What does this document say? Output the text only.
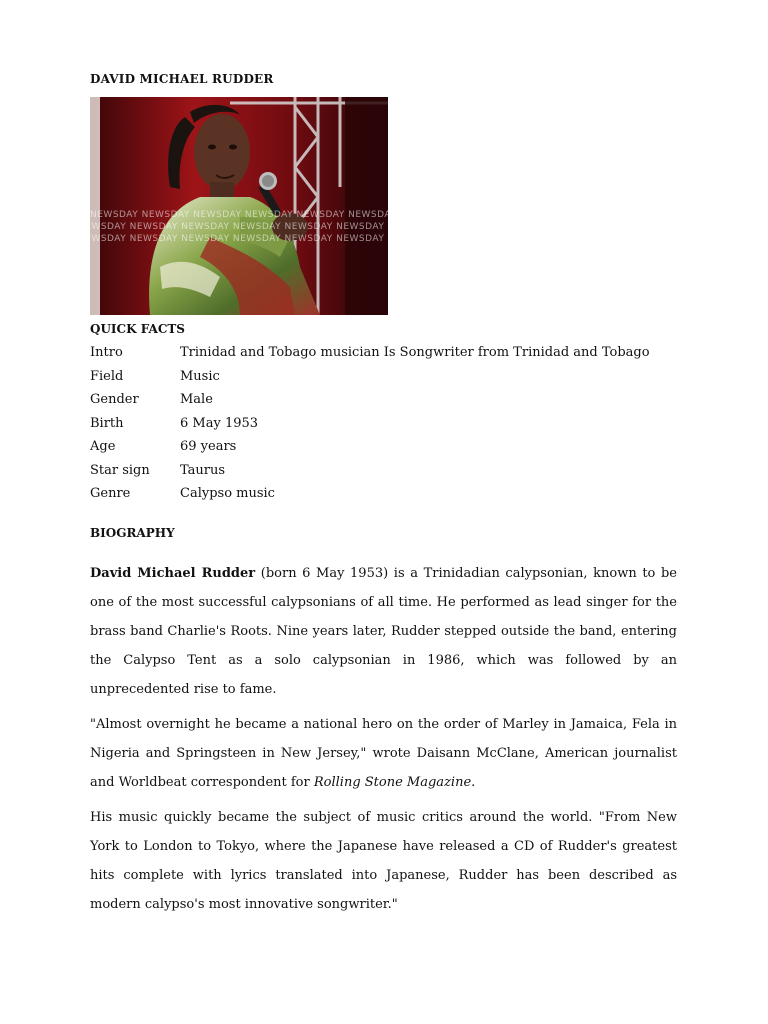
DAVID MICHAEL RUDDER
NEWSDAY NEWSDAY NEWSDAY NEWSDAY NEWSDAY NEWSDAY NEWSDAY NEWSDAY
NEWSDAY NEWSDAY NEWSDAY NEWSDAY NEWSDAY NEWSDAY NEWSDAY NEWSDAY
NEWSDAY NEWSDAY NEWSDAY NEWSDAY NEWSDAY NEWSDAY NEWSDAY NEWSDAY
QUICK FACTS
Intro	Trinidad and Tobago musician Is Songwriter from Trinidad and Tobago
Field	Music
Gender	Male
Birth	6 May 1953
Age	69 years
Star sign	Taurus
Genre	Calypso music
BIOGRAPHY

David Michael Rudder (born 6 May 1953) is a Trinidadian calypsonian, known to be one of the most successful calypsonians of all time. He performed as lead singer for the brass band Charlie's Roots. Nine years later, Rudder stepped outside the band, entering the Calypso Tent as a solo calypsonian in 1986, which was followed by an unprecedented rise to fame.

"Almost overnight he became a national hero on the order of Marley in Jamaica, Fela in Nigeria and Springsteen in New Jersey," wrote Daisann McClane, American journalist and Worldbeat correspondent for Rolling Stone Magazine.

His music quickly became the subject of music critics around the world. "From New York to London to Tokyo, where the Japanese have released a CD of Rudder's greatest hits complete with lyrics translated into Japanese, Rudder has been described as modern calypso's most innovative songwriter."
